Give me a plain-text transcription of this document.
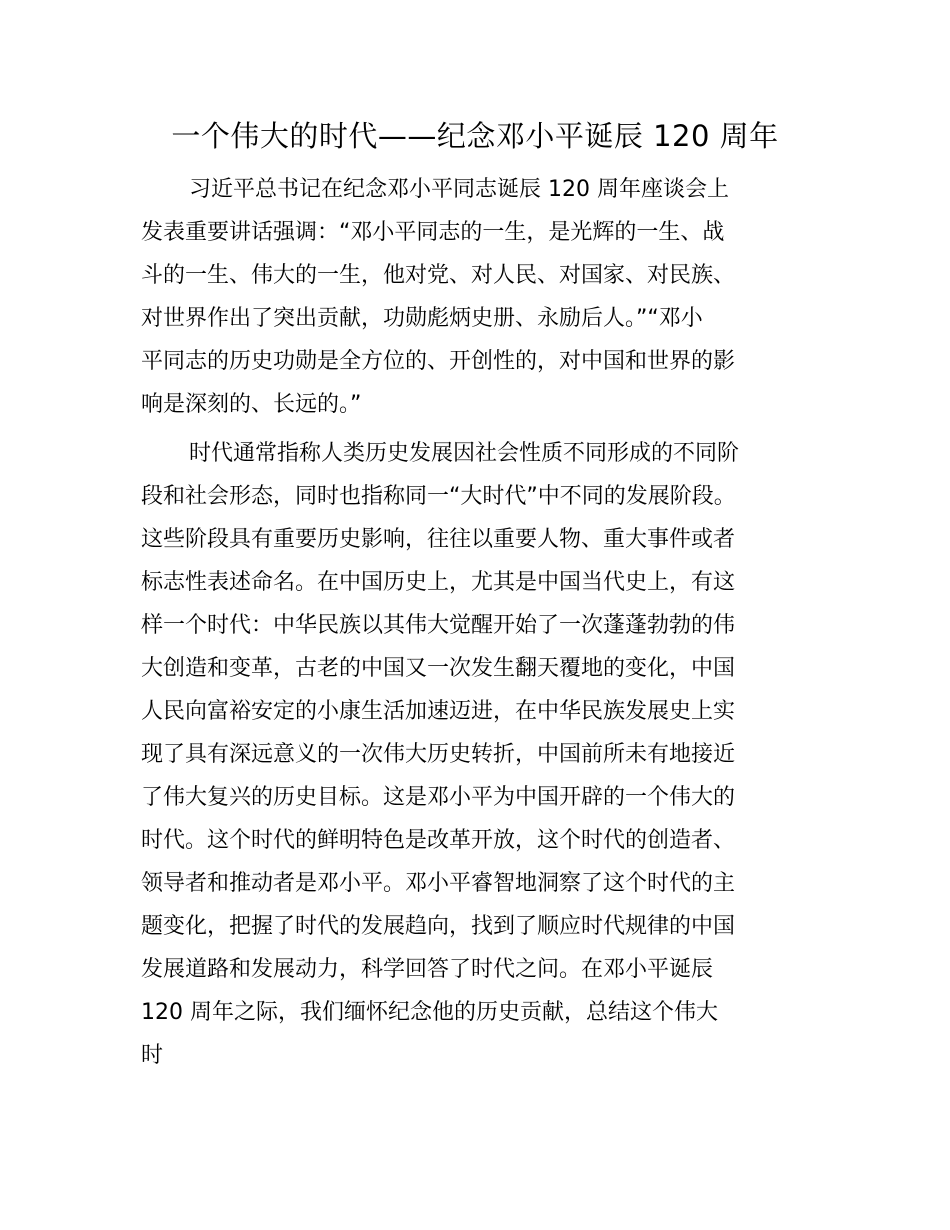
一个伟大的时代——纪念邓小平诞辰 120 周年

习近平总书记在纪念邓小平同志诞辰 120 周年座谈会上
发表重要讲话强调：“邓小平同志的一生，是光辉的一生、战
斗的一生、伟大的一生，他对党、对人民、对国家、对民族、
对世界作出了突出贡献，功勋彪炳史册、永励后人。”“邓小
平同志的历史功勋是全方位的、开创性的，对中国和世界的影
响是深刻的、长远的。”

时代通常指称人类历史发展因社会性质不同形成的不同阶
段和社会形态，同时也指称同一“大时代”中不同的发展阶段。
这些阶段具有重要历史影响，往往以重要人物、重大事件或者
标志性表述命名。在中国历史上，尤其是中国当代史上，有这
样一个时代：中华民族以其伟大觉醒开始了一次蓬蓬勃勃的伟
大创造和变革，古老的中国又一次发生翻天覆地的变化，中国
人民向富裕安定的小康生活加速迈进，在中华民族发展史上实
现了具有深远意义的一次伟大历史转折，中国前所未有地接近
了伟大复兴的历史目标。这是邓小平为中国开辟的一个伟大的
时代。这个时代的鲜明特色是改革开放，这个时代的创造者、
领导者和推动者是邓小平。邓小平睿智地洞察了这个时代的主
题变化，把握了时代的发展趋向，找到了顺应时代规律的中国
发展道路和发展动力，科学回答了时代之问。在邓小平诞辰
120 周年之际，我们缅怀纪念他的历史贡献，总结这个伟大
时
